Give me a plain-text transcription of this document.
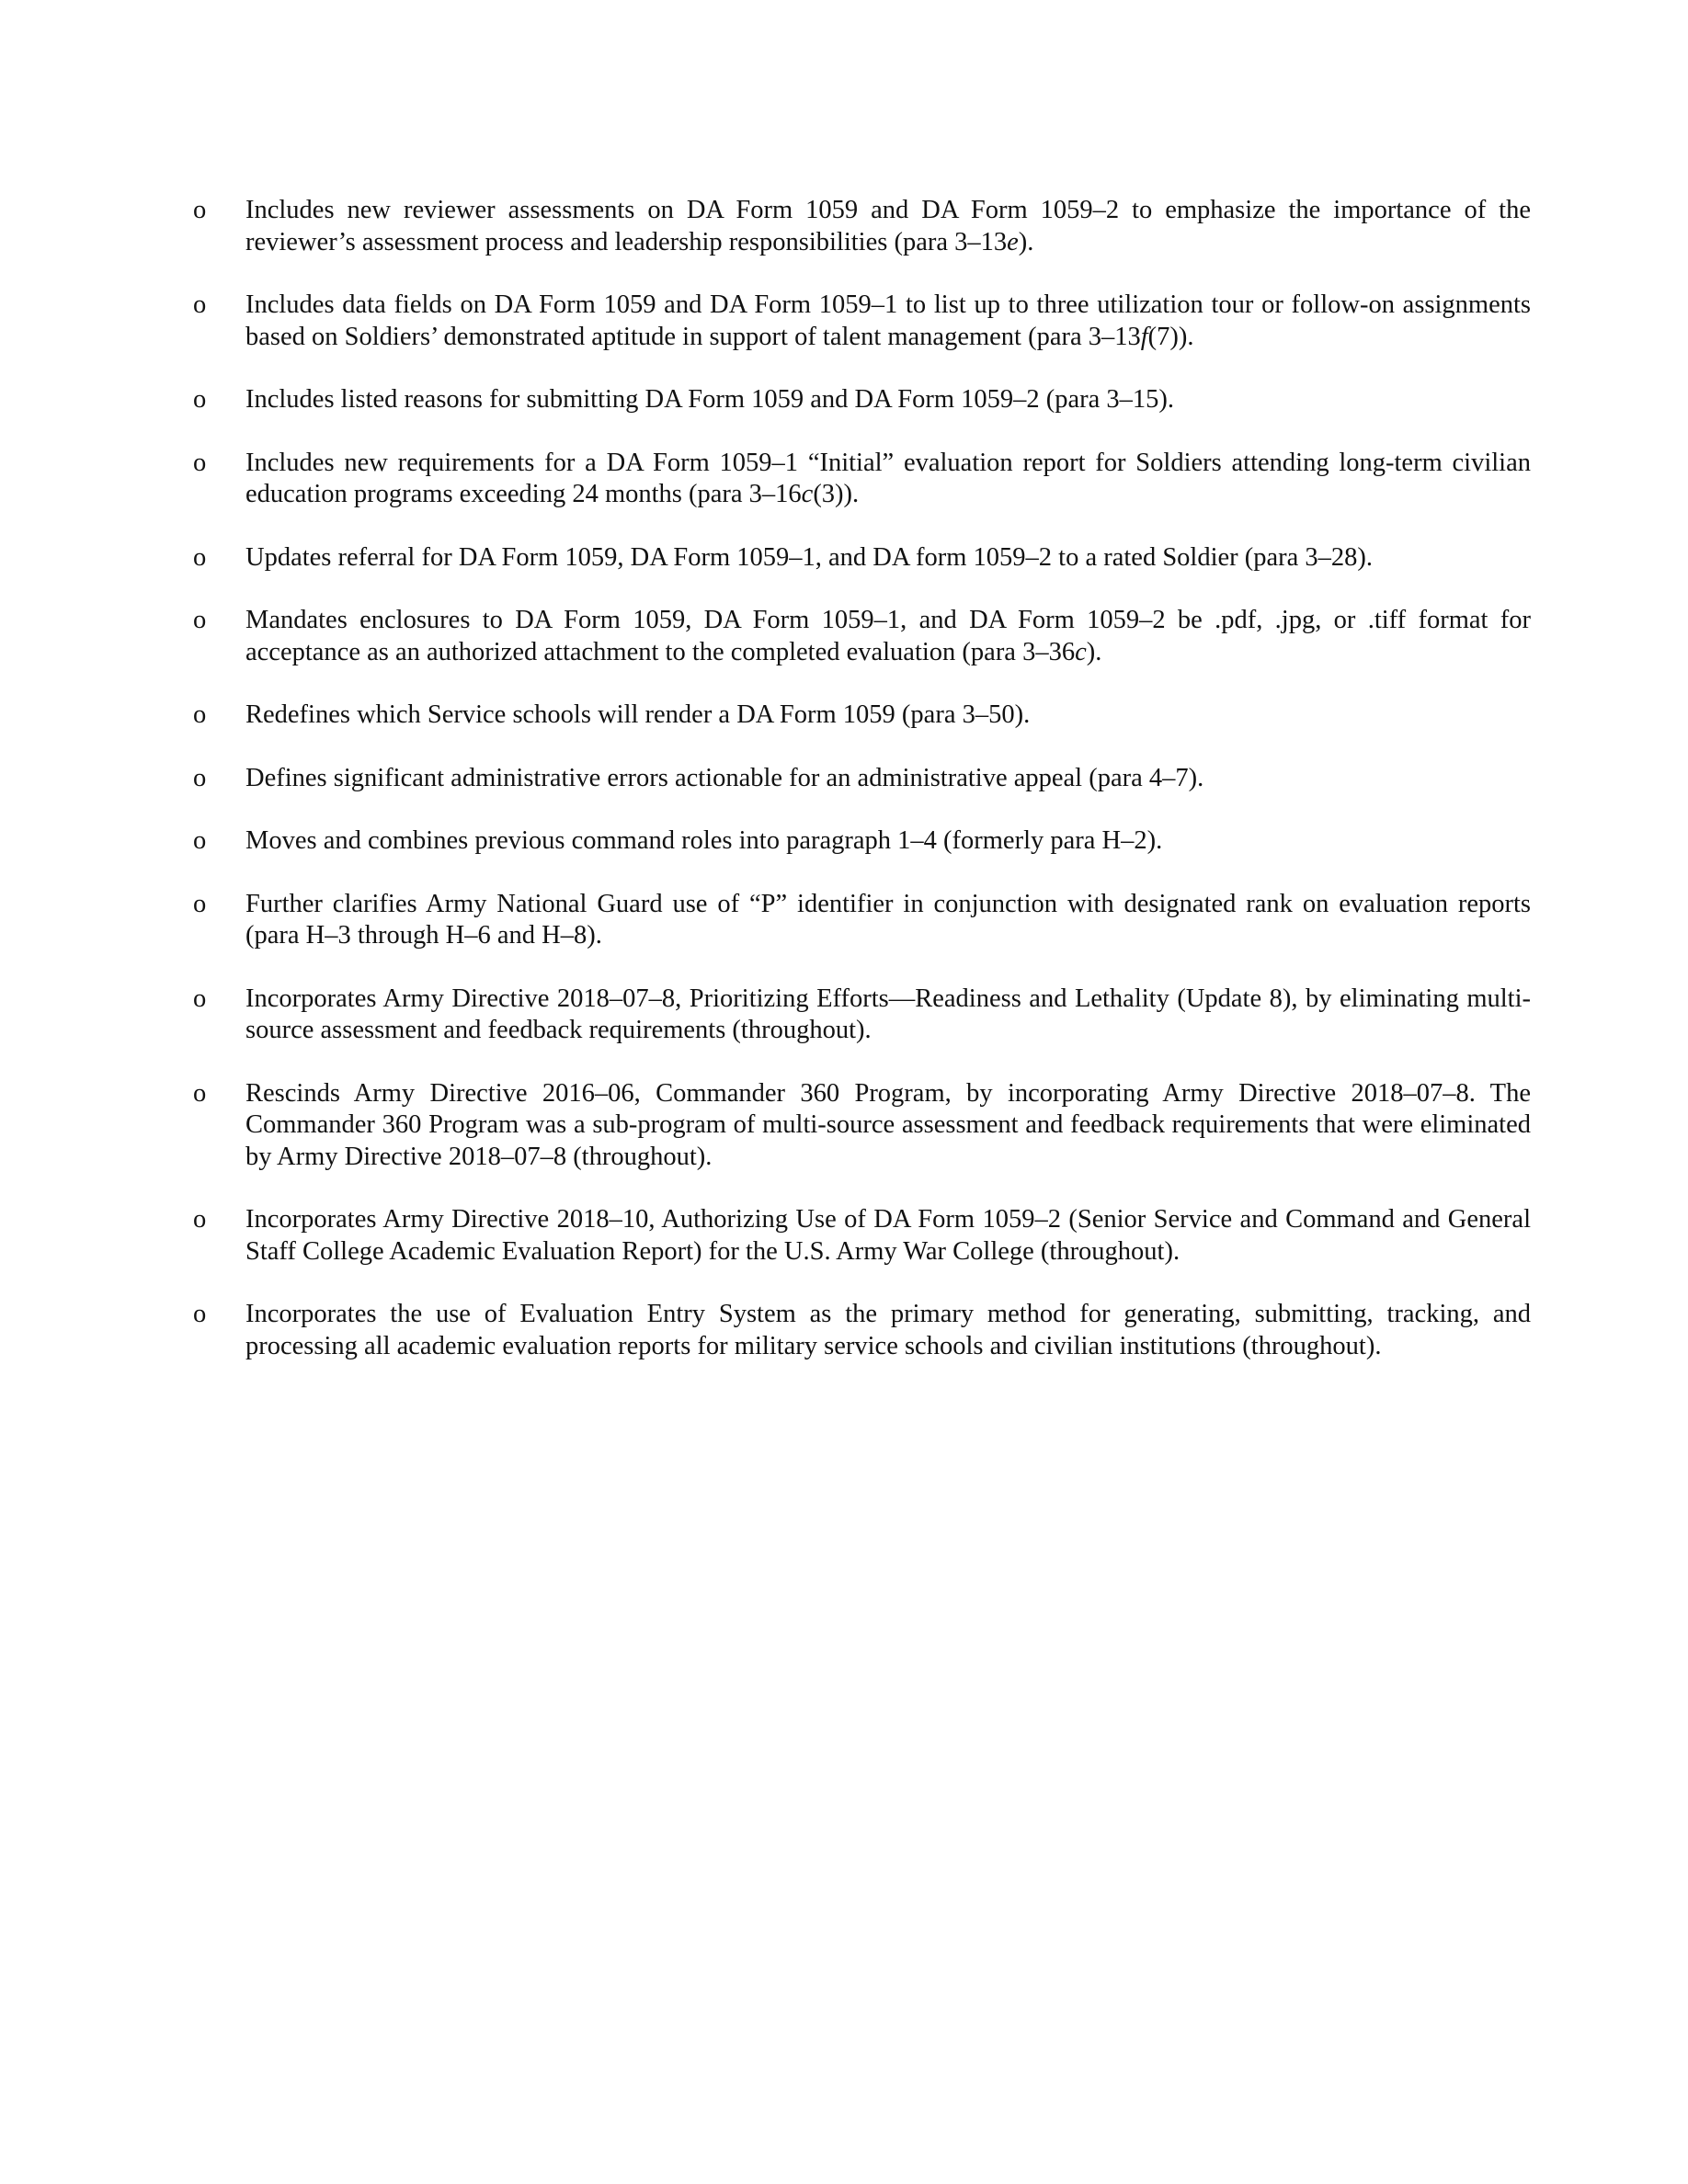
o	Includes new reviewer assessments on DA Form 1059 and DA Form 1059–2 to emphasize the importance of the reviewer’s assessment process and leadership responsibilities (para 3–13e).
o	Includes data fields on DA Form 1059 and DA Form 1059–1 to list up to three utilization tour or follow-on assignments based on Soldiers’ demonstrated aptitude in support of talent management (para 3–13f(7)).
o	Includes listed reasons for submitting DA Form 1059 and DA Form 1059–2 (para 3–15).
o	Includes new requirements for a DA Form 1059–1 “Initial” evaluation report for Soldiers attending long-term civilian education programs exceeding 24 months (para 3–16c(3)).
o	Updates referral for DA Form 1059, DA Form 1059–1, and DA form 1059–2 to a rated Soldier (para 3–28).
o	Mandates enclosures to DA Form 1059, DA Form 1059–1, and DA Form 1059–2 be .pdf, .jpg, or .tiff format for acceptance as an authorized attachment to the completed evaluation (para 3–36c).
o	Redefines which Service schools will render a DA Form 1059 (para 3–50).
o	Defines significant administrative errors actionable for an administrative appeal (para 4–7).
o	Moves and combines previous command roles into paragraph 1–4 (formerly para H–2).
o	Further clarifies Army National Guard use of “P” identifier in conjunction with designated rank on evaluation reports (para H–3 through H–6 and H–8).
o	Incorporates Army Directive 2018–07–8, Prioritizing Efforts—Readiness and Lethality (Update 8), by eliminating multi-source assessment and feedback requirements (throughout).
o	Rescinds Army Directive 2016–06, Commander 360 Program, by incorporating Army Directive 2018–07–8. The Commander 360 Program was a sub-program of multi-source assessment and feedback requirements that were eliminated by Army Directive 2018–07–8 (throughout).
o	Incorporates Army Directive 2018–10, Authorizing Use of DA Form 1059–2 (Senior Service and Command and General Staff College Academic Evaluation Report) for the U.S. Army War College (throughout).
o	Incorporates the use of Evaluation Entry System as the primary method for generating, submitting, tracking, and processing all academic evaluation reports for military service schools and civilian institutions (throughout).
